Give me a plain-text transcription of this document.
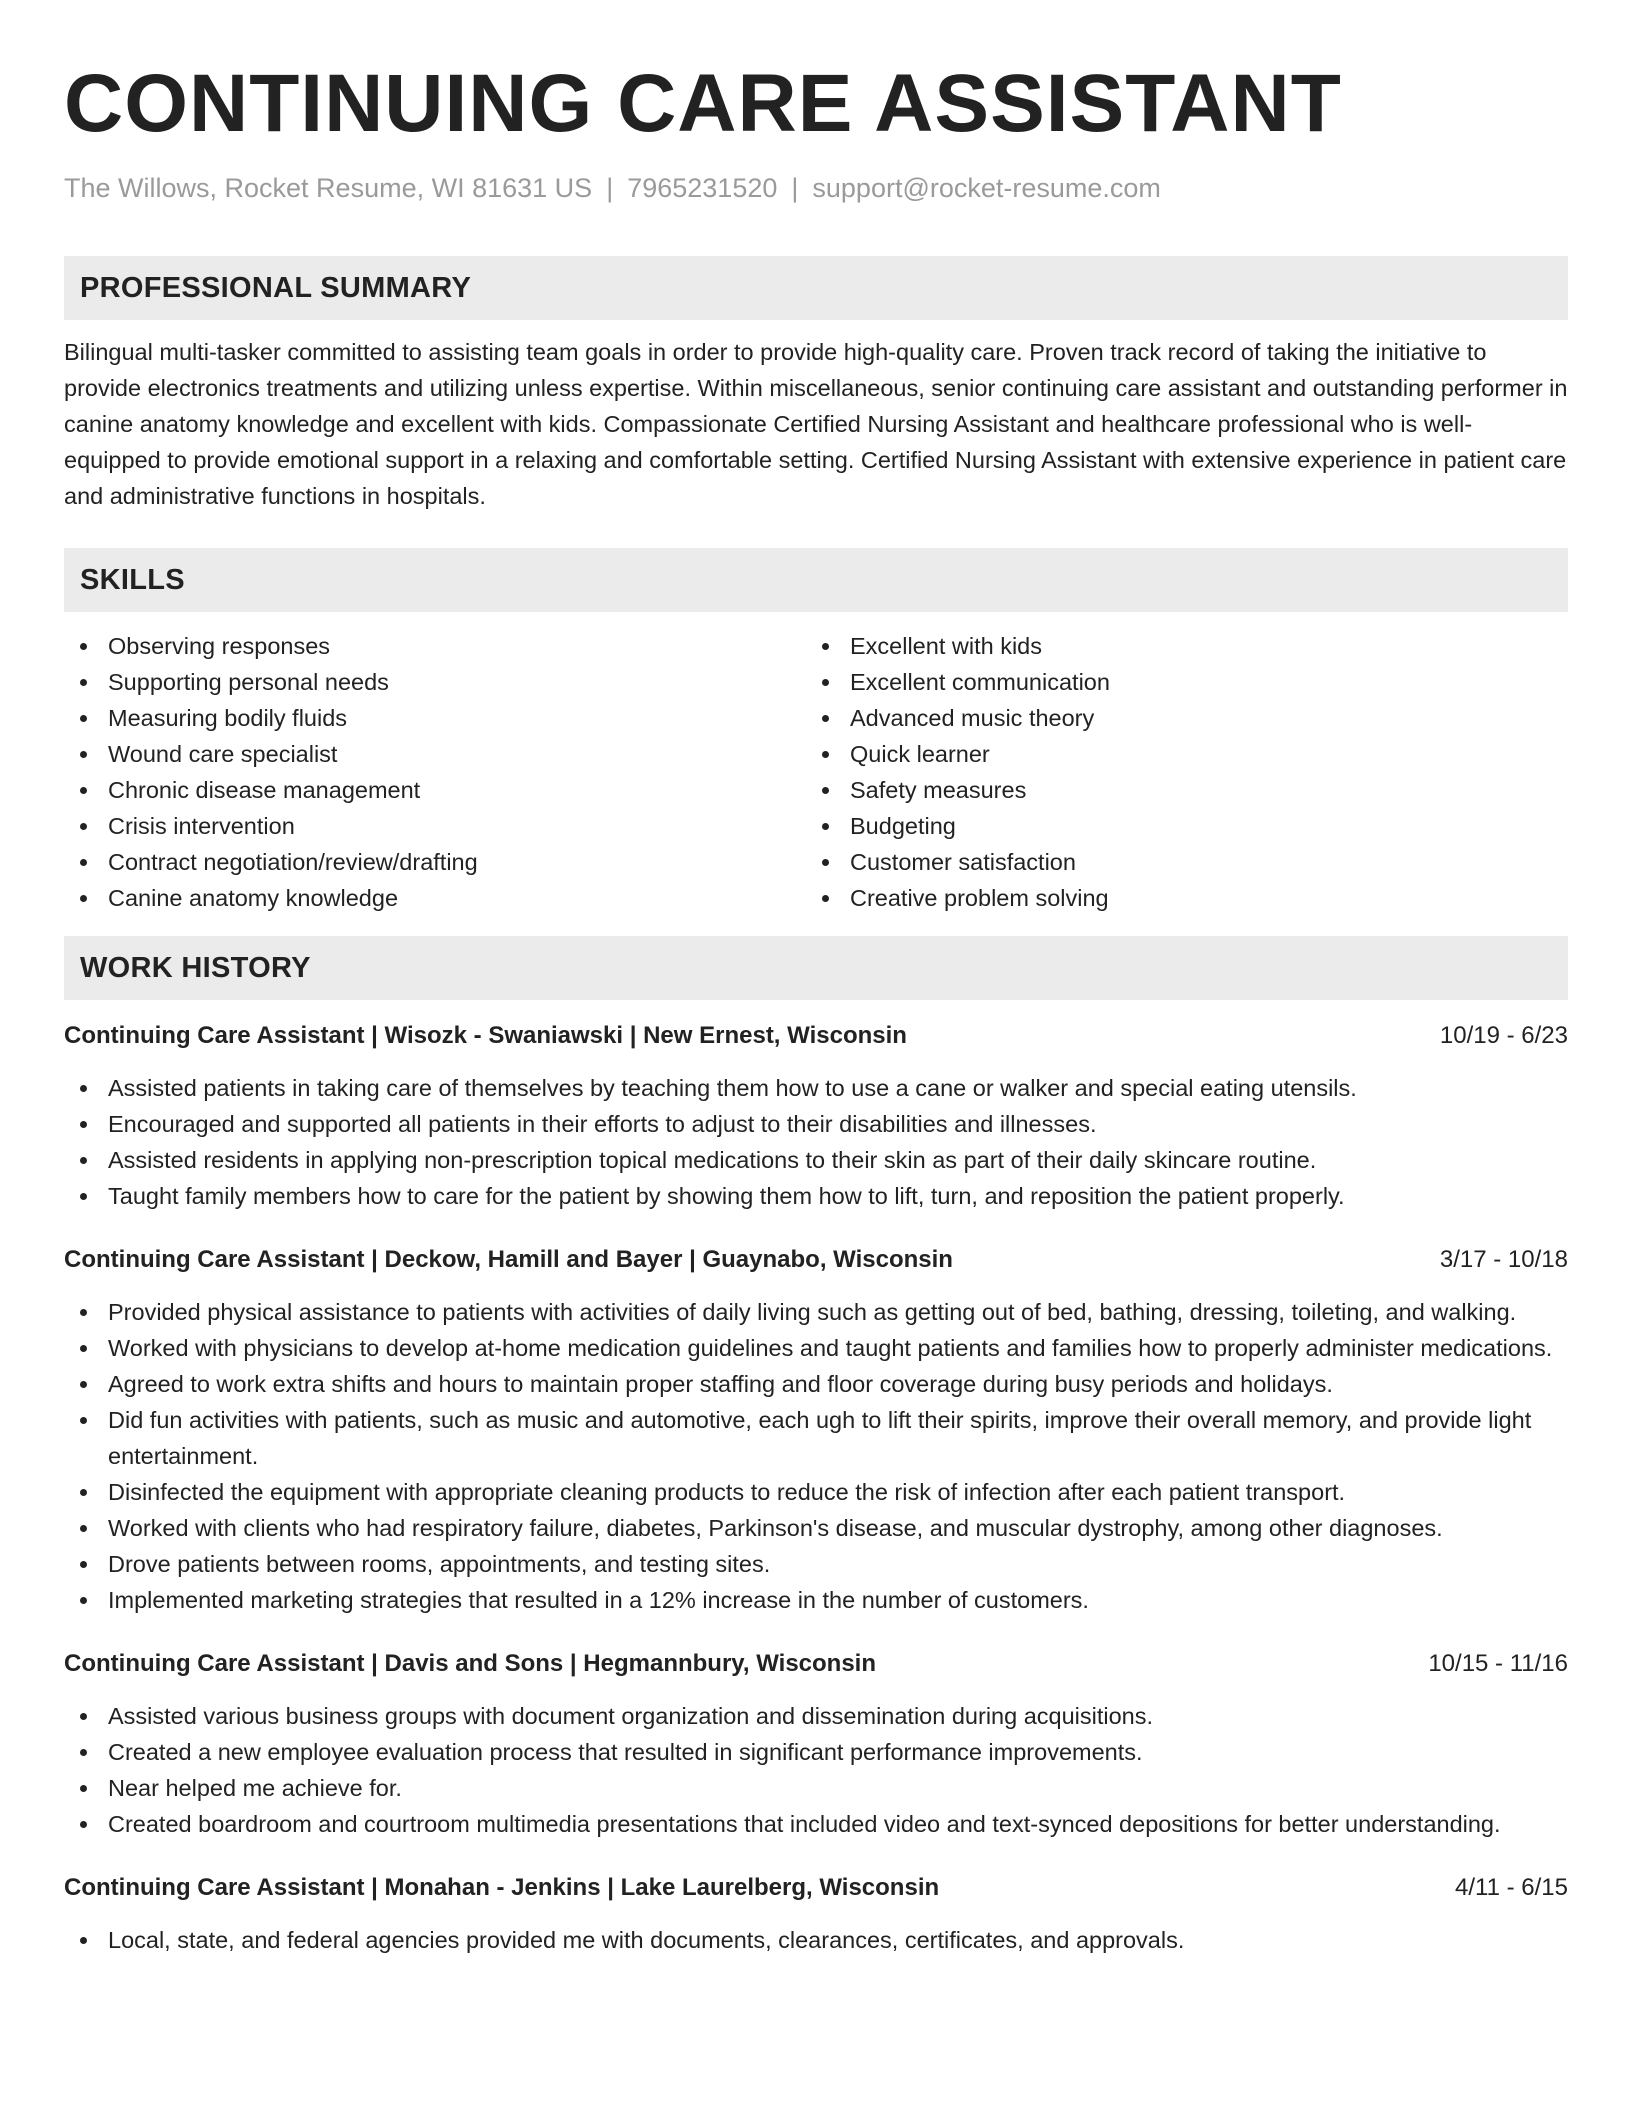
CONTINUING CARE ASSISTANT
The Willows, Rocket Resume, WI 81631 US | 7965231520 | support@rocket-resume.com
PROFESSIONAL SUMMARY
Bilingual multi-tasker committed to assisting team goals in order to provide high-quality care. Proven track record of taking the initiative to provide electronics treatments and utilizing unless expertise. Within miscellaneous, senior continuing care assistant and outstanding performer in canine anatomy knowledge and excellent with kids. Compassionate Certified Nursing Assistant and healthcare professional who is well-equipped to provide emotional support in a relaxing and comfortable setting. Certified Nursing Assistant with extensive experience in patient care and administrative functions in hospitals.
SKILLS
Observing responses
Supporting personal needs
Measuring bodily fluids
Wound care specialist
Chronic disease management
Crisis intervention
Contract negotiation/review/drafting
Canine anatomy knowledge
Excellent with kids
Excellent communication
Advanced music theory
Quick learner
Safety measures
Budgeting
Customer satisfaction
Creative problem solving
WORK HISTORY
Continuing Care Assistant | Wisozk - Swaniawski | New Ernest, Wisconsin	10/19 - 6/23
Assisted patients in taking care of themselves by teaching them how to use a cane or walker and special eating utensils.
Encouraged and supported all patients in their efforts to adjust to their disabilities and illnesses.
Assisted residents in applying non-prescription topical medications to their skin as part of their daily skincare routine.
Taught family members how to care for the patient by showing them how to lift, turn, and reposition the patient properly.
Continuing Care Assistant | Deckow, Hamill and Bayer | Guaynabo, Wisconsin	3/17 - 10/18
Provided physical assistance to patients with activities of daily living such as getting out of bed, bathing, dressing, toileting, and walking.
Worked with physicians to develop at-home medication guidelines and taught patients and families how to properly administer medications.
Agreed to work extra shifts and hours to maintain proper staffing and floor coverage during busy periods and holidays.
Did fun activities with patients, such as music and automotive, each ugh to lift their spirits, improve their overall memory, and provide light entertainment.
Disinfected the equipment with appropriate cleaning products to reduce the risk of infection after each patient transport.
Worked with clients who had respiratory failure, diabetes, Parkinson's disease, and muscular dystrophy, among other diagnoses.
Drove patients between rooms, appointments, and testing sites.
Implemented marketing strategies that resulted in a 12% increase in the number of customers.
Continuing Care Assistant | Davis and Sons | Hegmannbury, Wisconsin	10/15 - 11/16
Assisted various business groups with document organization and dissemination during acquisitions.
Created a new employee evaluation process that resulted in significant performance improvements.
Near helped me achieve for.
Created boardroom and courtroom multimedia presentations that included video and text-synced depositions for better understanding.
Continuing Care Assistant | Monahan - Jenkins | Lake Laurelberg, Wisconsin	4/11 - 6/15
Local, state, and federal agencies provided me with documents, clearances, certificates, and approvals.
